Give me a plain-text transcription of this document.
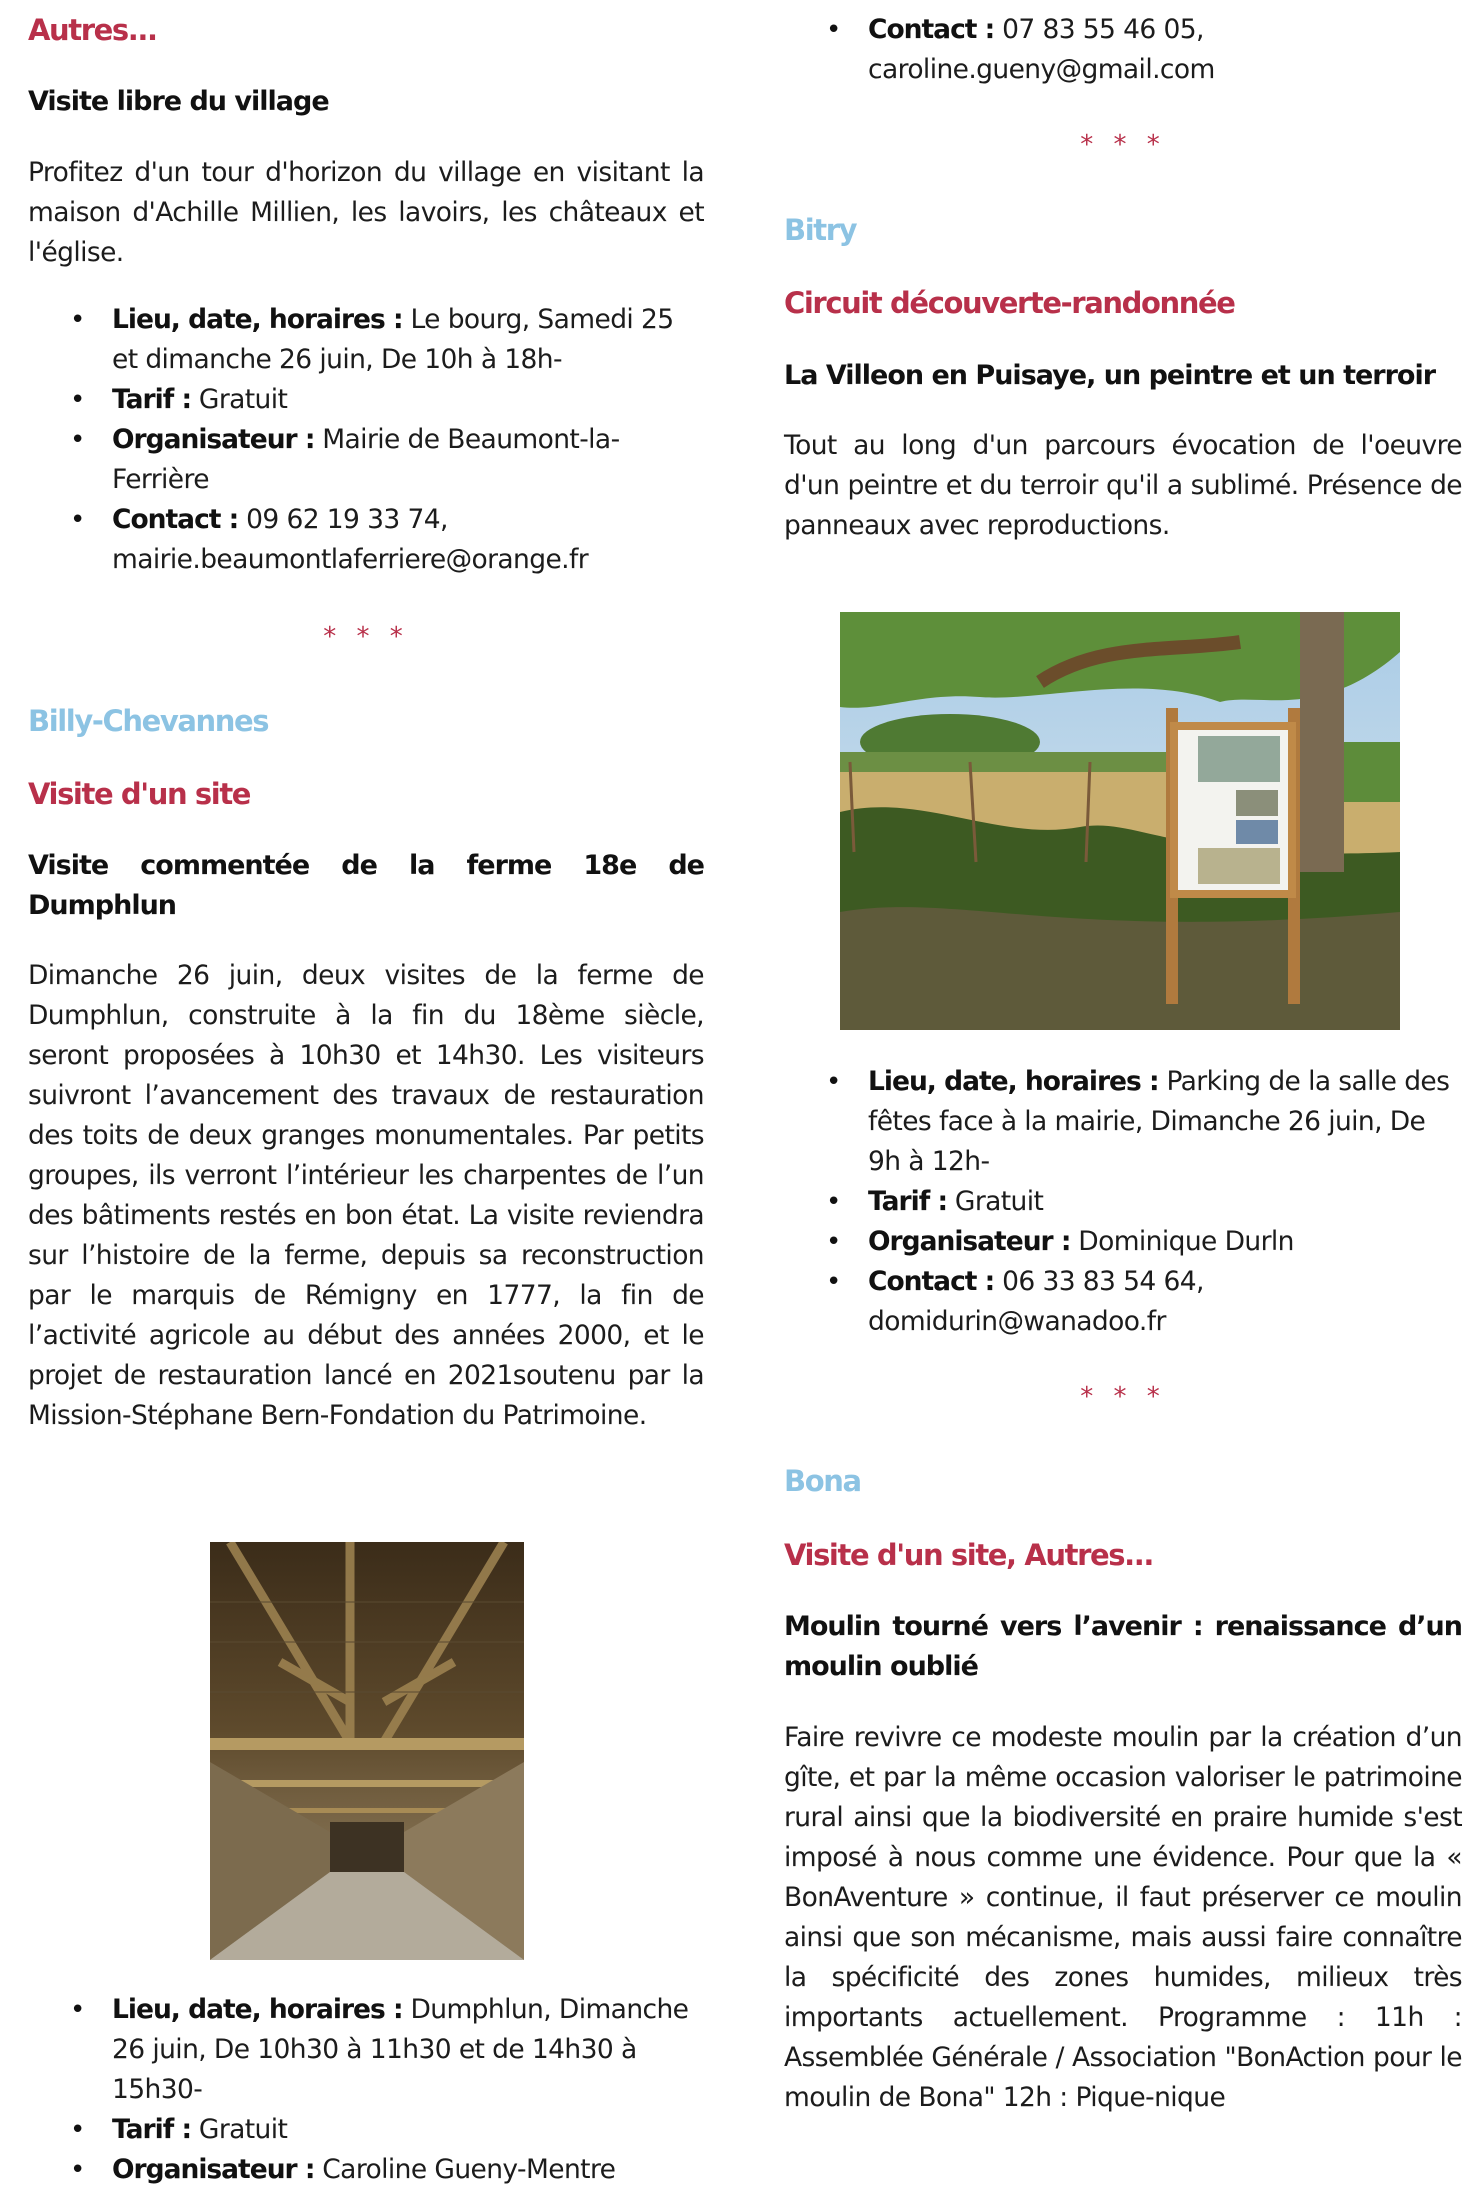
Autres...
Visite libre du village
Profitez d'un tour d'horizon du village en visitant la maison d'Achille Millien, les lavoirs, les châteaux et l'église.
• Lieu, date, horaires : Le bourg, Samedi 25 et dimanche 26 juin, De 10h à 18h-
• Tarif : Gratuit
• Organisateur : Mairie de Beaumont-la-Ferrière
• Contact : 09 62 19 33 74, mairie.beaumontlaferriere@orange.fr
* * *
Billy-Chevannes
Visite d'un site
Visite commentée de la ferme 18e de Dumphlun
Dimanche 26 juin, deux visites de la ferme de Dumphlun, construite à la fin du 18ème siècle, seront proposées à 10h30 et 14h30. Les visiteurs suivront l’avancement des travaux de restauration des toits de deux granges monumentales. Par petits groupes, ils verront l’intérieur les charpentes de l’un des bâtiments restés en bon état. La visite reviendra sur l’histoire de la ferme, depuis sa reconstruction par le marquis de Rémigny en 1777, la fin de l’activité agricole au début des années 2000, et le projet de restauration lancé en 2021soutenu par la Mission-Stéphane Bern-Fondation du Patrimoine.
• Lieu, date, horaires : Dumphlun, Dimanche 26 juin, De 10h30 à 11h30 et de 14h30 à 15h30-
• Tarif : Gratuit
• Organisateur : Caroline Gueny-Mentre
• Contact : 07 83 55 46 05, caroline.gueny@gmail.com
* * *
Bitry
Circuit découverte-randonnée
La Villeon en Puisaye, un peintre et un terroir
Tout au long d'un parcours évocation de l'oeuvre d'un peintre et du terroir qu'il a sublimé. Présence de panneaux avec reproductions.
• Lieu, date, horaires : Parking de la salle des fêtes face à la mairie, Dimanche 26 juin, De 9h à 12h-
• Tarif : Gratuit
• Organisateur : Dominique Durln
• Contact : 06 33 83 54 64, domidurin@wanadoo.fr
* * *
Bona
Visite d'un site, Autres...
Moulin tourné vers l’avenir : renaissance d’un moulin oublié
Faire revivre ce modeste moulin par la création d’un gîte, et par la même occasion valoriser le patrimoine rural ainsi que la biodiversité en praire humide s'est imposé à nous comme une évidence. Pour que la « BonAventure » continue, il faut préserver ce moulin ainsi que son mécanisme, mais aussi faire connaître la spécificité des zones humides, milieux très importants actuellement. Programme : 11h : Assemblée Générale / Association "BonAction pour le moulin de Bona" 12h : Pique-nique
